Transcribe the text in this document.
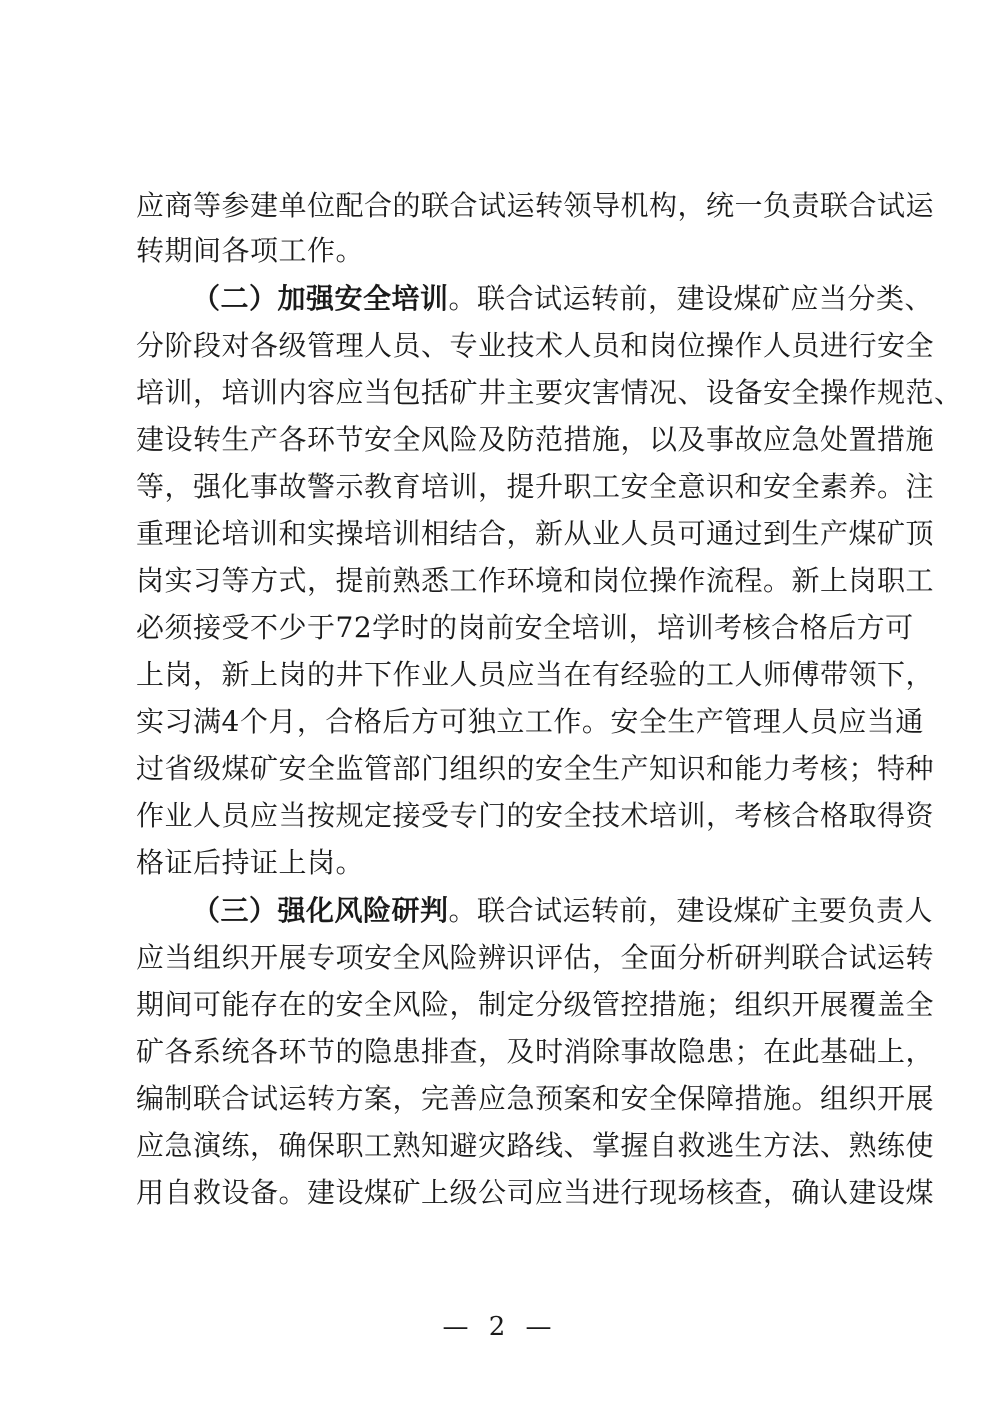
应商等参建单位配合的联合试运转领导机构，统一负责联合试运
转期间各项工作。
（二）加强安全培训。联合试运转前，建设煤矿应当分类、
分阶段对各级管理人员、专业技术人员和岗位操作人员进行安全
培训，培训内容应当包括矿井主要灾害情况、设备安全操作规范、
建设转生产各环节安全风险及防范措施，以及事故应急处置措施
等，强化事故警示教育培训，提升职工安全意识和安全素养。注
重理论培训和实操培训相结合，新从业人员可通过到生产煤矿顶
岗实习等方式，提前熟悉工作环境和岗位操作流程。新上岗职工
必须接受不少于72学时的岗前安全培训，培训考核合格后方可
上岗，新上岗的井下作业人员应当在有经验的工人师傅带领下，
实习满4个月，合格后方可独立工作。安全生产管理人员应当通
过省级煤矿安全监管部门组织的安全生产知识和能力考核；特种
作业人员应当按规定接受专门的安全技术培训，考核合格取得资
格证后持证上岗。
（三）强化风险研判。联合试运转前，建设煤矿主要负责人
应当组织开展专项安全风险辨识评估，全面分析研判联合试运转
期间可能存在的安全风险，制定分级管控措施；组织开展覆盖全
矿各系统各环节的隐患排查，及时消除事故隐患；在此基础上，
编制联合试运转方案，完善应急预案和安全保障措施。组织开展
应急演练，确保职工熟知避灾路线、掌握自救逃生方法、熟练使
用自救设备。建设煤矿上级公司应当进行现场核查，确认建设煤
— 2 —
